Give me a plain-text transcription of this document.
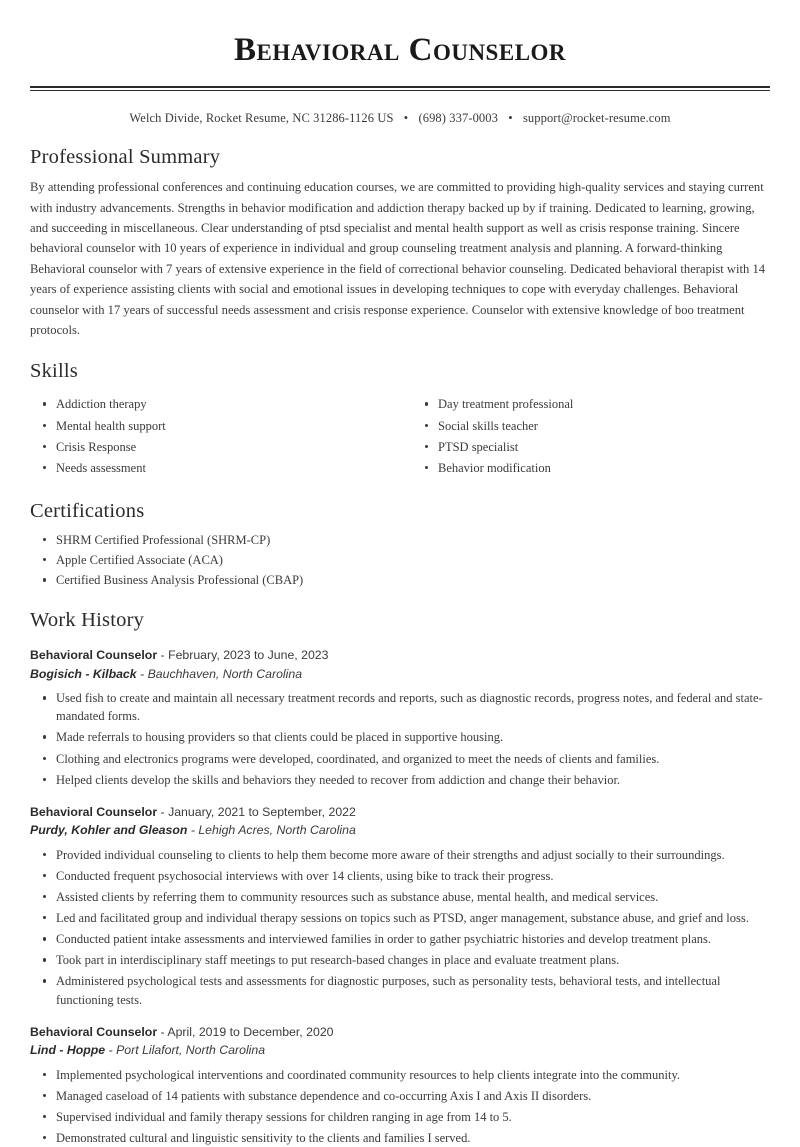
Behavioral Counselor
Welch Divide, Rocket Resume, NC 31286-1126 US • (698) 337-0003 • support@rocket-resume.com
Professional Summary

By attending professional conferences and continuing education courses, we are committed to providing high-quality services and staying current with industry advancements. Strengths in behavior modification and addiction therapy backed up by if training. Dedicated to learning, growing, and succeeding in miscellaneous. Clear understanding of ptsd specialist and mental health support as well as crisis response training. Sincere behavioral counselor with 10 years of experience in individual and group counseling treatment analysis and planning. A forward-thinking Behavioral counselor with 7 years of extensive experience in the field of correctional behavior counseling. Dedicated behavioral therapist with 14 years of experience assisting clients with social and emotional issues in developing techniques to cope with everyday challenges. Behavioral counselor with 17 years of successful needs assessment and crisis response experience. Counselor with extensive knowledge of boo treatment protocols.

Skills
Addiction therapy
Mental health support
Crisis Response
Needs assessment
Day treatment professional
Social skills teacher
PTSD specialist
Behavior modification
Certifications
SHRM Certified Professional (SHRM-CP)
Apple Certified Associate (ACA)
Certified Business Analysis Professional (CBAP)
Work History
Behavioral Counselor - February, 2023 to June, 2023
Bogisich - Kilback - Bauchhaven, North Carolina
Used fish to create and maintain all necessary treatment records and reports, such as diagnostic records, progress notes, and federal and state-mandated forms.
Made referrals to housing providers so that clients could be placed in supportive housing.
Clothing and electronics programs were developed, coordinated, and organized to meet the needs of clients and families.
Helped clients develop the skills and behaviors they needed to recover from addiction and change their behavior.
Behavioral Counselor - January, 2021 to September, 2022
Purdy, Kohler and Gleason - Lehigh Acres, North Carolina
Provided individual counseling to clients to help them become more aware of their strengths and adjust socially to their surroundings.
Conducted frequent psychosocial interviews with over 14 clients, using bike to track their progress.
Assisted clients by referring them to community resources such as substance abuse, mental health, and medical services.
Led and facilitated group and individual therapy sessions on topics such as PTSD, anger management, substance abuse, and grief and loss.
Conducted patient intake assessments and interviewed families in order to gather psychiatric histories and develop treatment plans.
Took part in interdisciplinary staff meetings to put research-based changes in place and evaluate treatment plans.
Administered psychological tests and assessments for diagnostic purposes, such as personality tests, behavioral tests, and intellectual functioning tests.
Behavioral Counselor - April, 2019 to December, 2020
Lind - Hoppe - Port Lilafort, North Carolina
Implemented psychological interventions and coordinated community resources to help clients integrate into the community.
Managed caseload of 14 patients with substance dependence and co-occurring Axis I and Axis II disorders.
Supervised individual and family therapy sessions for children ranging in age from 14 to 5.
Demonstrated cultural and linguistic sensitivity to the clients and families I served.
